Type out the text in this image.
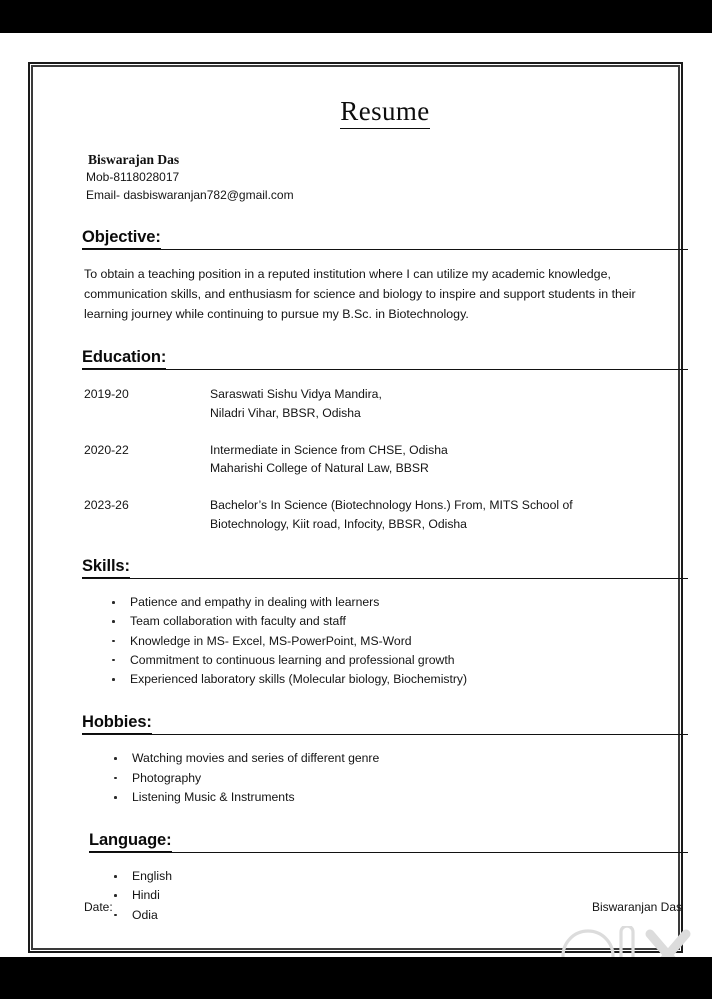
Resume
Biswarajan Das
Mob-8118028017
Email- dasbiswaranjan782@gmail.com
Objective:

To obtain a teaching position in a reputed institution where I can utilize my academic knowledge, communication skills, and enthusiasm for science and biology to inspire and support students in their learning journey while continuing to pursue my B.Sc. in Biotechnology.

Education:
2019-20	Saraswati Sishu Vidya Mandira,
Niladri Vihar, BBSR, Odisha

2020-22	Intermediate in Science from CHSE, Odisha
Maharishi College of Natural Law, BBSR

2023-26	Bachelor’s In Science (Biotechnology Hons.) From, MITS School of
Biotechnology, Kiit road, Infocity, BBSR, Odisha
Skills:
Patience and empathy in dealing with learners
Team collaboration with faculty and staff
Knowledge in MS- Excel, MS-PowerPoint, MS-Word
Commitment to continuous learning and professional growth
Experienced laboratory skills (Molecular biology, Biochemistry)
Hobbies:
Watching movies and series of different genre
Photography
Listening Music & Instruments
Language:
English
Hindi
Odia
Date:	Biswaranjan Das
